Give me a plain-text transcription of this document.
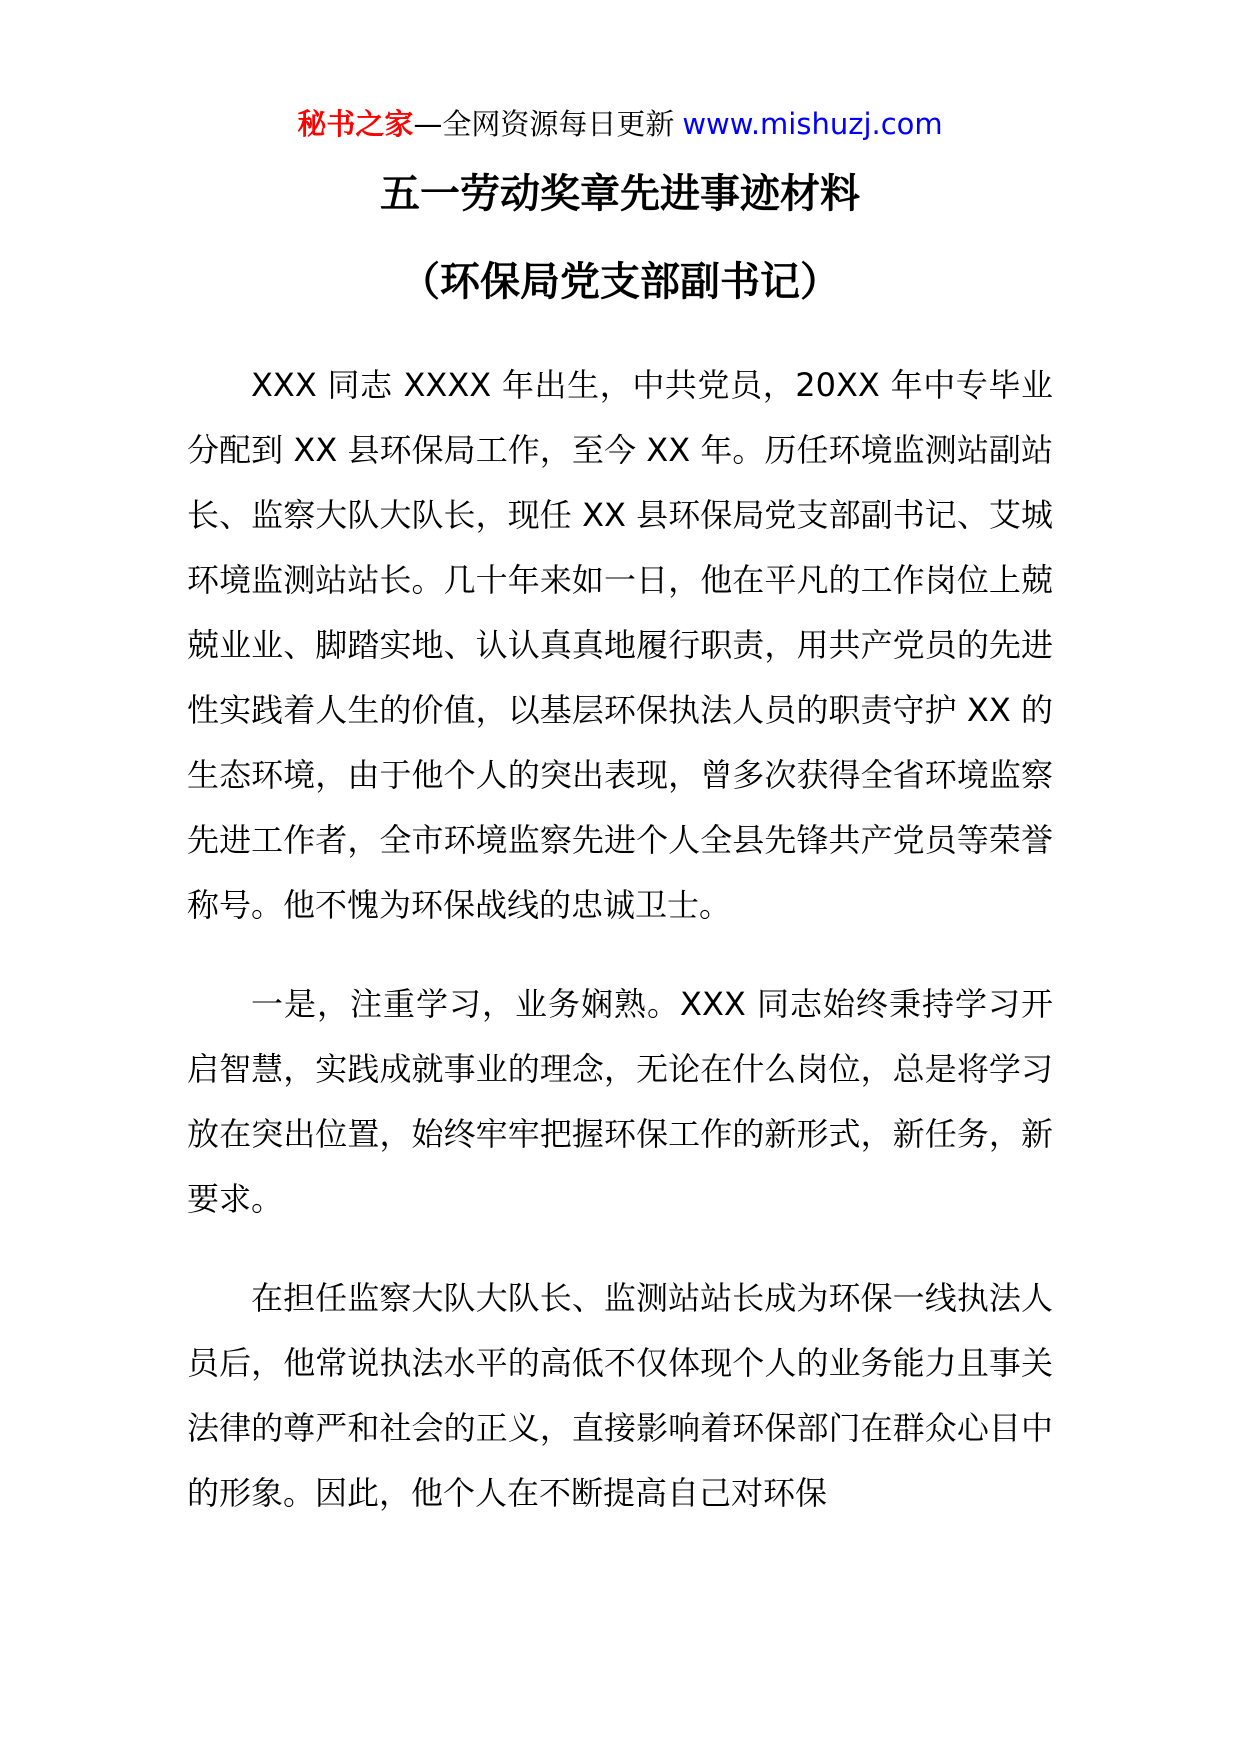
秘书之家—全网资源每日更新 www.mishuzj.com
五一劳动奖章先进事迹材料
（环保局党支部副书记）

XXX 同志 XXXX 年出生，中共党员，20XX 年中专毕业分配到 XX 县环保局工作，至今 XX 年。历任环境监测站副站长、监察大队大队长，现任 XX 县环保局党支部副书记、艾城环境监测站站长。几十年来如一日，他在平凡的工作岗位上兢兢业业、脚踏实地、认认真真地履行职责，用共产党员的先进性实践着人生的价值，以基层环保执法人员的职责守护 XX 的生态环境，由于他个人的突出表现，曾多次获得全省环境监察先进工作者，全市环境监察先进个人全县先锋共产党员等荣誉称号。他不愧为环保战线的忠诚卫士。

一是，注重学习，业务娴熟。XXX 同志始终秉持学习开启智慧，实践成就事业的理念，无论在什么岗位，总是将学习放在突出位置，始终牢牢把握环保工作的新形式，新任务，新要求。

在担任监察大队大队长、监测站站长成为环保一线执法人员后，他常说执法水平的高低不仅体现个人的业务能力且事关法律的尊严和社会的正义，直接影响着环保部门在群众心目中的形象。因此，他个人在不断提高自己对环保
